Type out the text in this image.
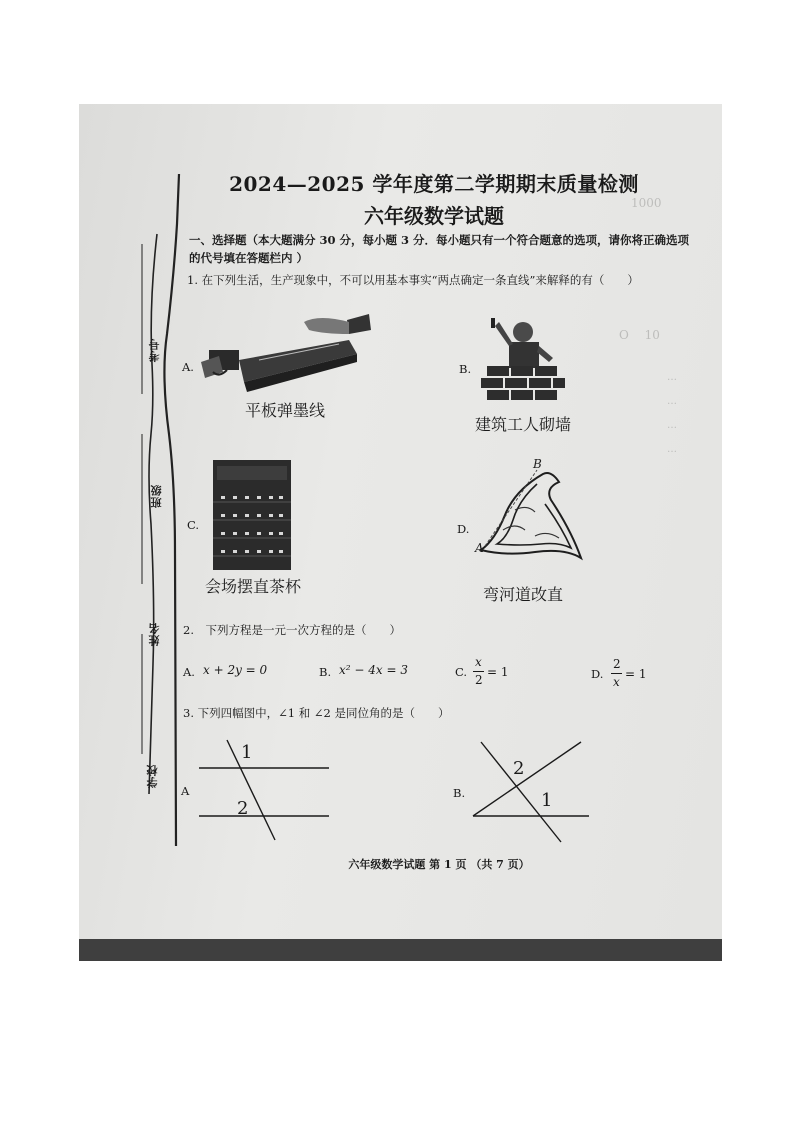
1000
O　 10
…
…
…
…
考号
班级
姓名
学校
2024—2025 学年度第二学期期末质量检测
六年级数学试题
一、选择题（本大题满分 30 分，每小题 3 分．每小题只有一个符合题意的选项，请你将正确选项的代号填在答题栏内 ）
1. 在下列生活，生产现象中，不可以用基本事实“两点确定一条直线”来解释的有（　　）
A.
平板弹墨线
B.
建筑工人砌墙
C.
会场摆直茶杯
D.
B
A
弯河道改直
2.　下列方程是一元一次方程的是（　　）
A. x + 2y = 0	B. x² − 4x = 3	C.
x
2
= 1	D.
2
x
= 1
3. 下列四幅图中，∠1 和 ∠2 是同位角的是（　　）
A
1
2
B.
2
1
六年级数学试题 第 1 页 （共 7 页）
